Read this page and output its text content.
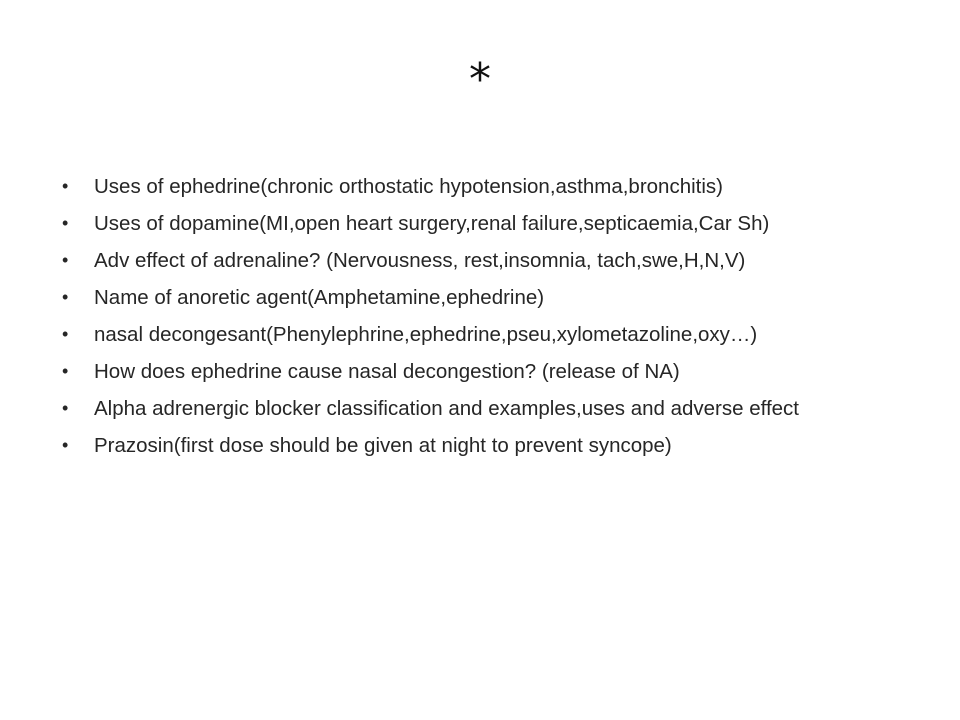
*
•	Uses of ephedrine(chronic orthostatic hypotension,asthma,bronchitis)
•	Uses of dopamine(MI,open heart surgery,renal failure,septicaemia,Car Sh)
•	Adv effect of adrenaline? (Nervousness, rest,insomnia, tach,swe,H,N,V)
•	Name of anoretic agent(Amphetamine,ephedrine)
•	nasal decongesant(Phenylephrine,ephedrine,pseu,xylometazoline,oxy…)
•	How does ephedrine cause nasal decongestion? (release of NA)
•	Alpha adrenergic blocker classification and examples,uses and adverse effect
•	Prazosin(first dose should be given at night to prevent syncope)
